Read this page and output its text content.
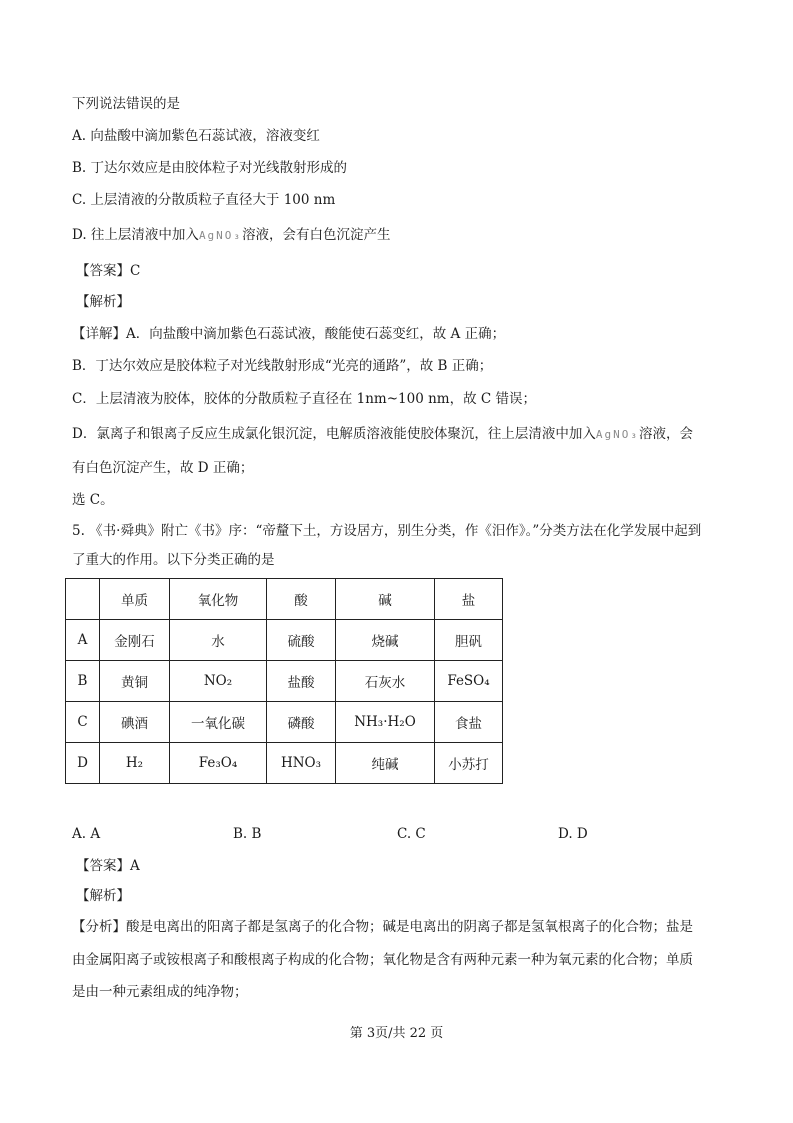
下列说法错误的是
A. 向盐酸中滴加紫色石蕊试液，溶液变红
B. 丁达尔效应是由胶体粒子对光线散射形成的
C. 上层清液的分散质粒子直径大于 100 nm
D. 往上层清液中加入AgNO₃溶液，会有白色沉淀产生
【答案】C
【解析】
【详解】A．向盐酸中滴加紫色石蕊试液，酸能使石蕊变红，故 A 正确；
B．丁达尔效应是胶体粒子对光线散射形成“光亮的通路”，故 B 正确；
C．上层清液为胶体，胶体的分散质粒子直径在 1nm~100 nm，故 C 错误；
D．氯离子和银离子反应生成氯化银沉淀，电解质溶液能使胶体聚沉，往上层清液中加入AgNO₃溶液，会
有白色沉淀产生，故 D 正确；
选 C。
5. 《书·舜典》附亡《书》序：“帝釐下土，方设居方，别生分类，作《汨作》。”分类方法在化学发展中起到
了重大的作用。以下分类正确的是
	单质	氧化物	酸	碱	盐
A	金刚石	水	硫酸	烧碱	胆矾
B	黄铜	NO₂	盐酸	石灰水	FeSO₄
C	碘酒	一氧化碳	磷酸	NH₃·H₂O	食盐
D	H₂	Fe₃O₄	HNO₃	纯碱	小苏打
A. A	B. B	C. C	D. D
【答案】A
【解析】
【分析】酸是电离出的阳离子都是氢离子的化合物；碱是电离出的阴离子都是氢氧根离子的化合物；盐是
由金属阳离子或铵根离子和酸根离子构成的化合物；氧化物是含有两种元素一种为氧元素的化合物；单质
是由一种元素组成的纯净物；
第 3页/共 22 页
